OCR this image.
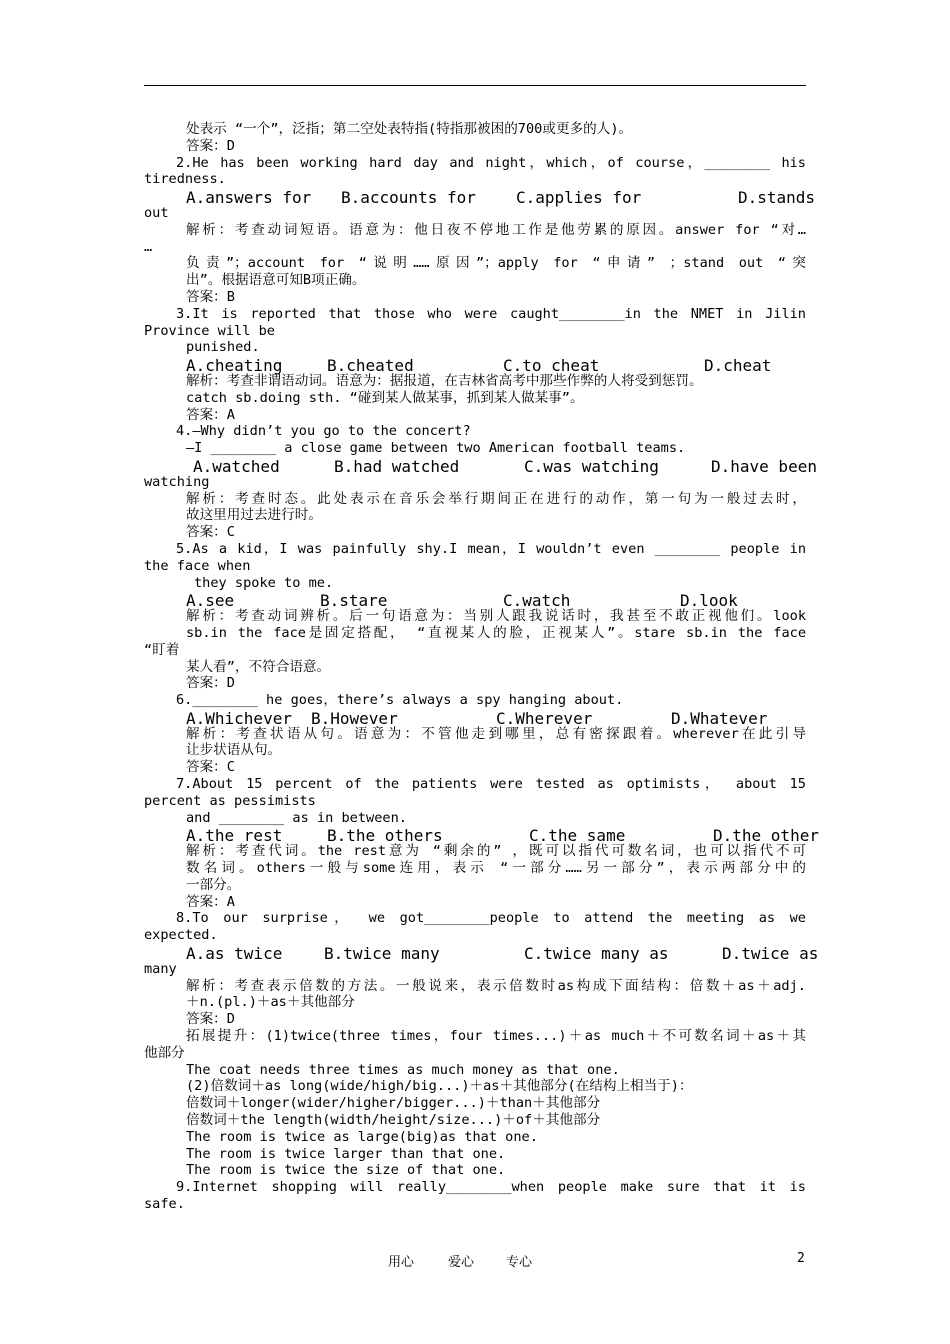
处表示 “一个”，泛指；第二空处表特指(特指那被困的700或更多的人)。
答案：D
2.He has been working hard day and night，which，of course，________ his
tiredness.
A.answers for B.accounts for	C.applies for	D.stands
out
解析：考查动词短语。语意为：他日夜不停地工作是他劳累的原因。answer for “对…
…
负责”；account for “说明……原因”；apply for “申请” ；stand out “突
出”。根据语意可知B项正确。
答案：B
3.It is reported that those who were caught________in the NMET in Jilin
Province will be
punished.
A.cheating	B.cheated	C.to cheat	D.cheat
解析：考查非谓语动词。语意为：据报道，在吉林省高考中那些作弊的人将受到惩罚。
catch sb.doing sth. “碰到某人做某事，抓到某人做某事”。
答案：A
4.—Why didn’t you go to the concert?
—I ________ a close game between two American football teams.
A.watched	B.had watched	C.was watching	D.have been
watching
解析：考查时态。此处表示在音乐会举行期间正在进行的动作，第一句为一般过去时，
故这里用过去进行时。
答案：C
5.As a kid，I was painfully shy.I mean，I wouldn’t even ________ people in
the face when
they spoke to me.
A.see	B.stare	C.watch	D.look
解析：考查动词辨析。后一句语意为：当别人跟我说话时，我甚至不敢正视他们。look
sb.in the face是固定搭配， “直视某人的脸，正视某人”。stare sb.in the face
“盯着
某人看”，不符合语意。
答案：D
6.________ he goes，there’s always a spy hanging about.
A.Whichever B.However	C.Wherever	D.Whatever
解析：考查状语从句。语意为：不管他走到哪里，总有密探跟着。wherever在此引导
让步状语从句。
答案：C
7.About 15 percent of the patients were tested as optimists， about 15
percent as pessimists
and ________ as in between.
A.the rest	B.the others	C.the same	D.the other
解析：考查代词。the rest意为 “剩余的” ，既可以指代可数名词，也可以指代不可
数名词。others一般与some连用，表示 “一部分……另一部分”，表示两部分中的
一部分。
答案：A
8.To our surprise， we got________people to attend the meeting as we
expected.
A.as twice	B.twice many	C.twice many as	D.twice as
many
解析：考查表示倍数的方法。一般说来，表示倍数时as构成下面结构：倍数＋as＋adj.
＋n.(pl.)＋as＋其他部分
答案：D
拓展提升：(1)twice(three times，four times...)＋as much＋不可数名词＋as＋其
他部分
The coat needs three times as much money as that one.
(2)倍数词＋as long(wide/high/big...)＋as＋其他部分(在结构上相当于)：
倍数词＋longer(wider/higher/bigger...)＋than＋其他部分
倍数词＋the length(width/height/size...)＋of＋其他部分
The room is twice as large(big)as that one.
The room is twice larger than that one.
The room is twice the size of that one.
9.Internet shopping will really________when people make sure that it is
safe.
用心	爱心 专心	2
